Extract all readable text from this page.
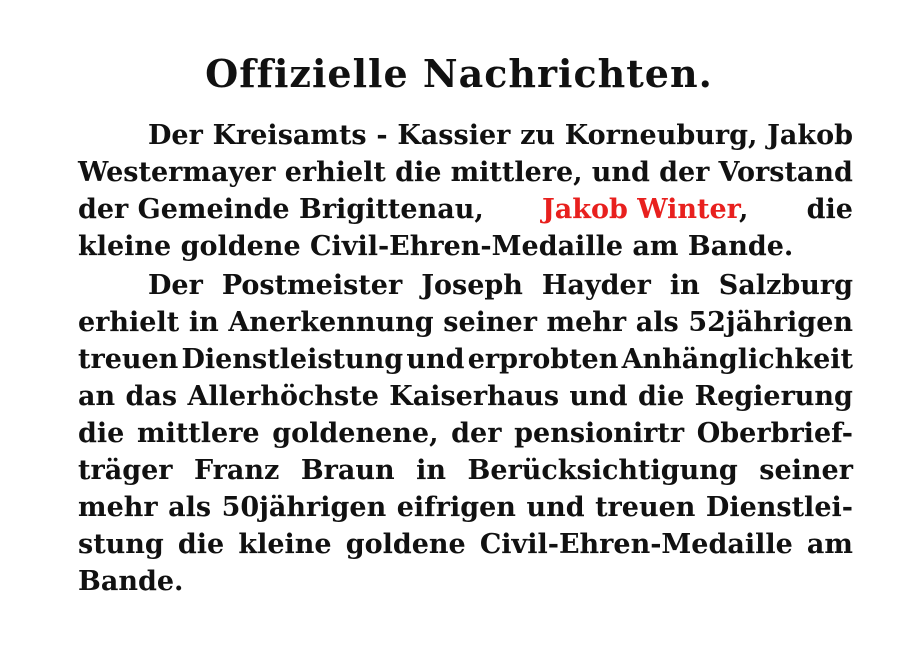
Offizielle Nachrichten.
Der Kreisamts - Kassier zu Korneuburg, Jakob
Westermayer erhielt die mittlere, und der Vorstand
der Gemeinde Brigittenau, Jakob Winter, die
kleine goldene Civil-Ehren-Medaille am Bande.
Der Postmeister Joseph Hayder in Salzburg
erhielt in Anerkennung seiner mehr als 52jährigen
treuen Dienstleistung und erprobten Anhänglichkeit
an das Allerhöchste Kaiserhaus und die Regierung
die mittlere goldenene, der pensionirtr Oberbrief-
träger Franz Braun in Berücksichtigung seiner
mehr als 50jährigen eifrigen und treuen Dienstlei-
stung die kleine goldene Civil-Ehren-Medaille am
Bande.
